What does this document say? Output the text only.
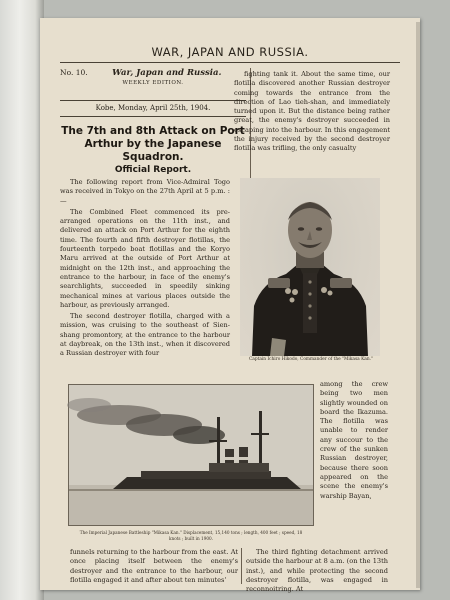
WAR, JAPAN AND RUSSIA.
No. 10.	War, Japan and Russia.
WEEKLY EDITION.
Kobe, Monday, April 25th, 1904.
The 7th and 8th Attack on Port Arthur by the Japanese Squadron.
Official Report.

The following report from Vice-Admiral Togo was received in Tokyo on the 27th April at 5 p.m. :—

The Combined Fleet commenced its pre-arranged operations on the 11th inst., and delivered an attack on Port Arthur for the eighth time. The fourth and fifth destroyer flotillas, the fourteenth torpedo boat flotillas and the Koryo Maru arrived at the outside of Port Arthur at midnight on the 12th inst., and approaching the entrance to the harbour, in face of the enemy's searchlights, succeeded in speedily sinking mechanical mines at various places outside the harbour, as previously arranged.

The second destroyer flotilla, charged with a mission, was cruising to the southeast of Sien-shang promontory, at the entrance to the harbour at daybreak, on the 13th inst., when it discovered a Russian destroyer with four

fighting tank it. About the same time, our flotilla discovered another Russian destroyer coming towards the entrance from the direction of Lao tieh-shan, and immediately turned upon it. But the distance being rather great, the enemy's destroyer succeeded in escaping into the harbour. In this engagement the injury received by the second destroyer flotilla was trifling, the only casualty

Captain Ichiro Hikodo, Commander of the "Mikasa Kan."
The Imperial Japanese Battleship "Mikasa Kan." Displacement, 15,140 tons ; length, 400 feet ; speed, 18 knots ; built in 1900.

among the crew being two men slightly wounded on board the Ikazuma. The flotilla was unable to render any succour to the crew of the sunken Russian destroyer, because there soon appeared on the scene the enemy's warship Bayan,

funnels returning to the harbour from the east. At once placing itself between the enemy's destroyer and the entrance to the harbour, our flotilla engaged it and after about ten minutes'

The third fighting detachment arrived outside the harbour at 8 a.m. (on the 13th inst.), and while protecting the second destroyer flotilla, was engaged in reconnoitring. At
